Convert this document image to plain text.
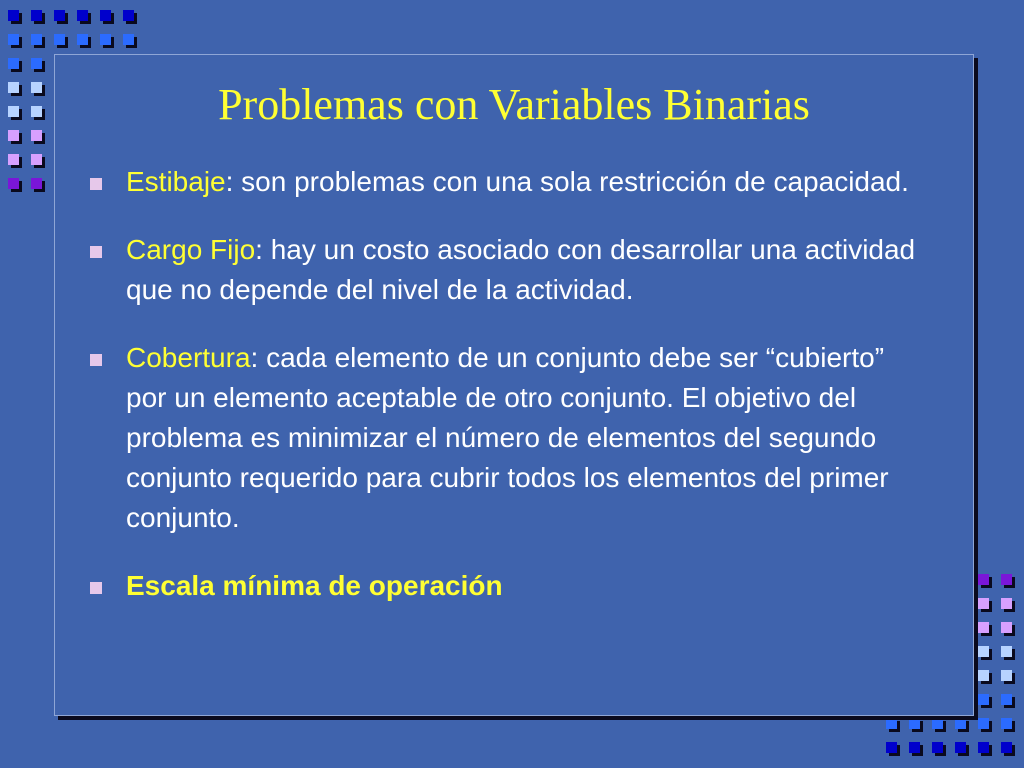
Problemas con Variables Binarias
Estibaje: son problemas con una sola restricción de capacidad.
Cargo Fijo: hay un costo asociado con desarrollar una actividad que no depende del nivel de la actividad.
Cobertura: cada elemento de un conjunto debe ser “cubierto” por un elemento aceptable de otro conjunto. El objetivo del problema es minimizar el número de elementos del segundo conjunto requerido para cubrir todos los elementos del primer conjunto.
Escala mínima de operación
